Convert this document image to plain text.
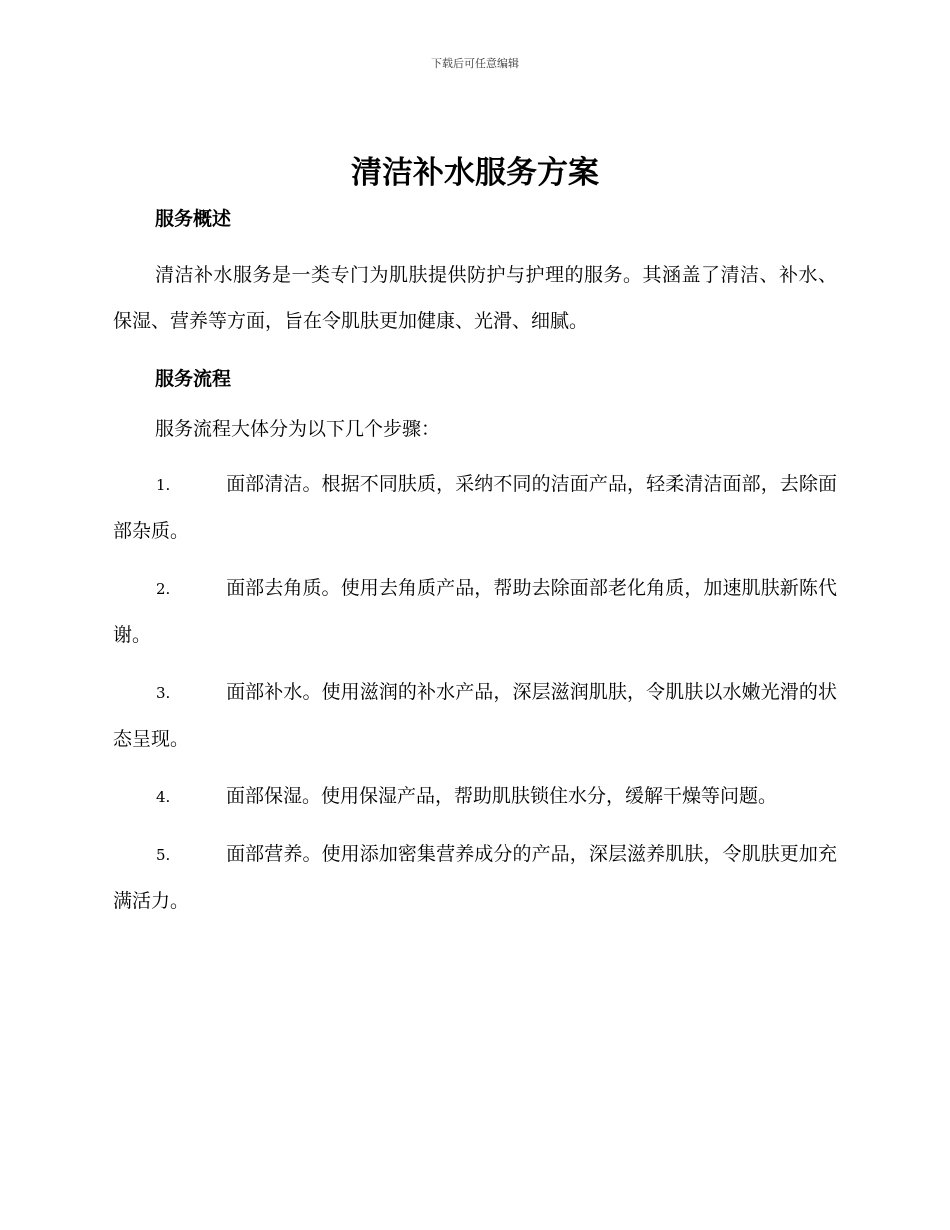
下载后可任意编辑
清洁补水服务方案
服务概述

清洁补水服务是一类专门为肌肤提供防护与护理的服务。其涵盖了清洁、补水、保湿、营养等方面，旨在令肌肤更加健康、光滑、细腻。

服务流程

服务流程大体分为以下几个步骤：

1.	面部清洁。根据不同肤质，采纳不同的洁面产品，轻柔清洁面部，去除面部杂质。

2.	面部去角质。使用去角质产品，帮助去除面部老化角质，加速肌肤新陈代谢。

3.	面部补水。使用滋润的补水产品，深层滋润肌肤，令肌肤以水嫩光滑的状态呈现。

4.	面部保湿。使用保湿产品，帮助肌肤锁住水分，缓解干燥等问题。

5.	面部营养。使用添加密集营养成分的产品，深层滋养肌肤，令肌肤更加充满活力。
